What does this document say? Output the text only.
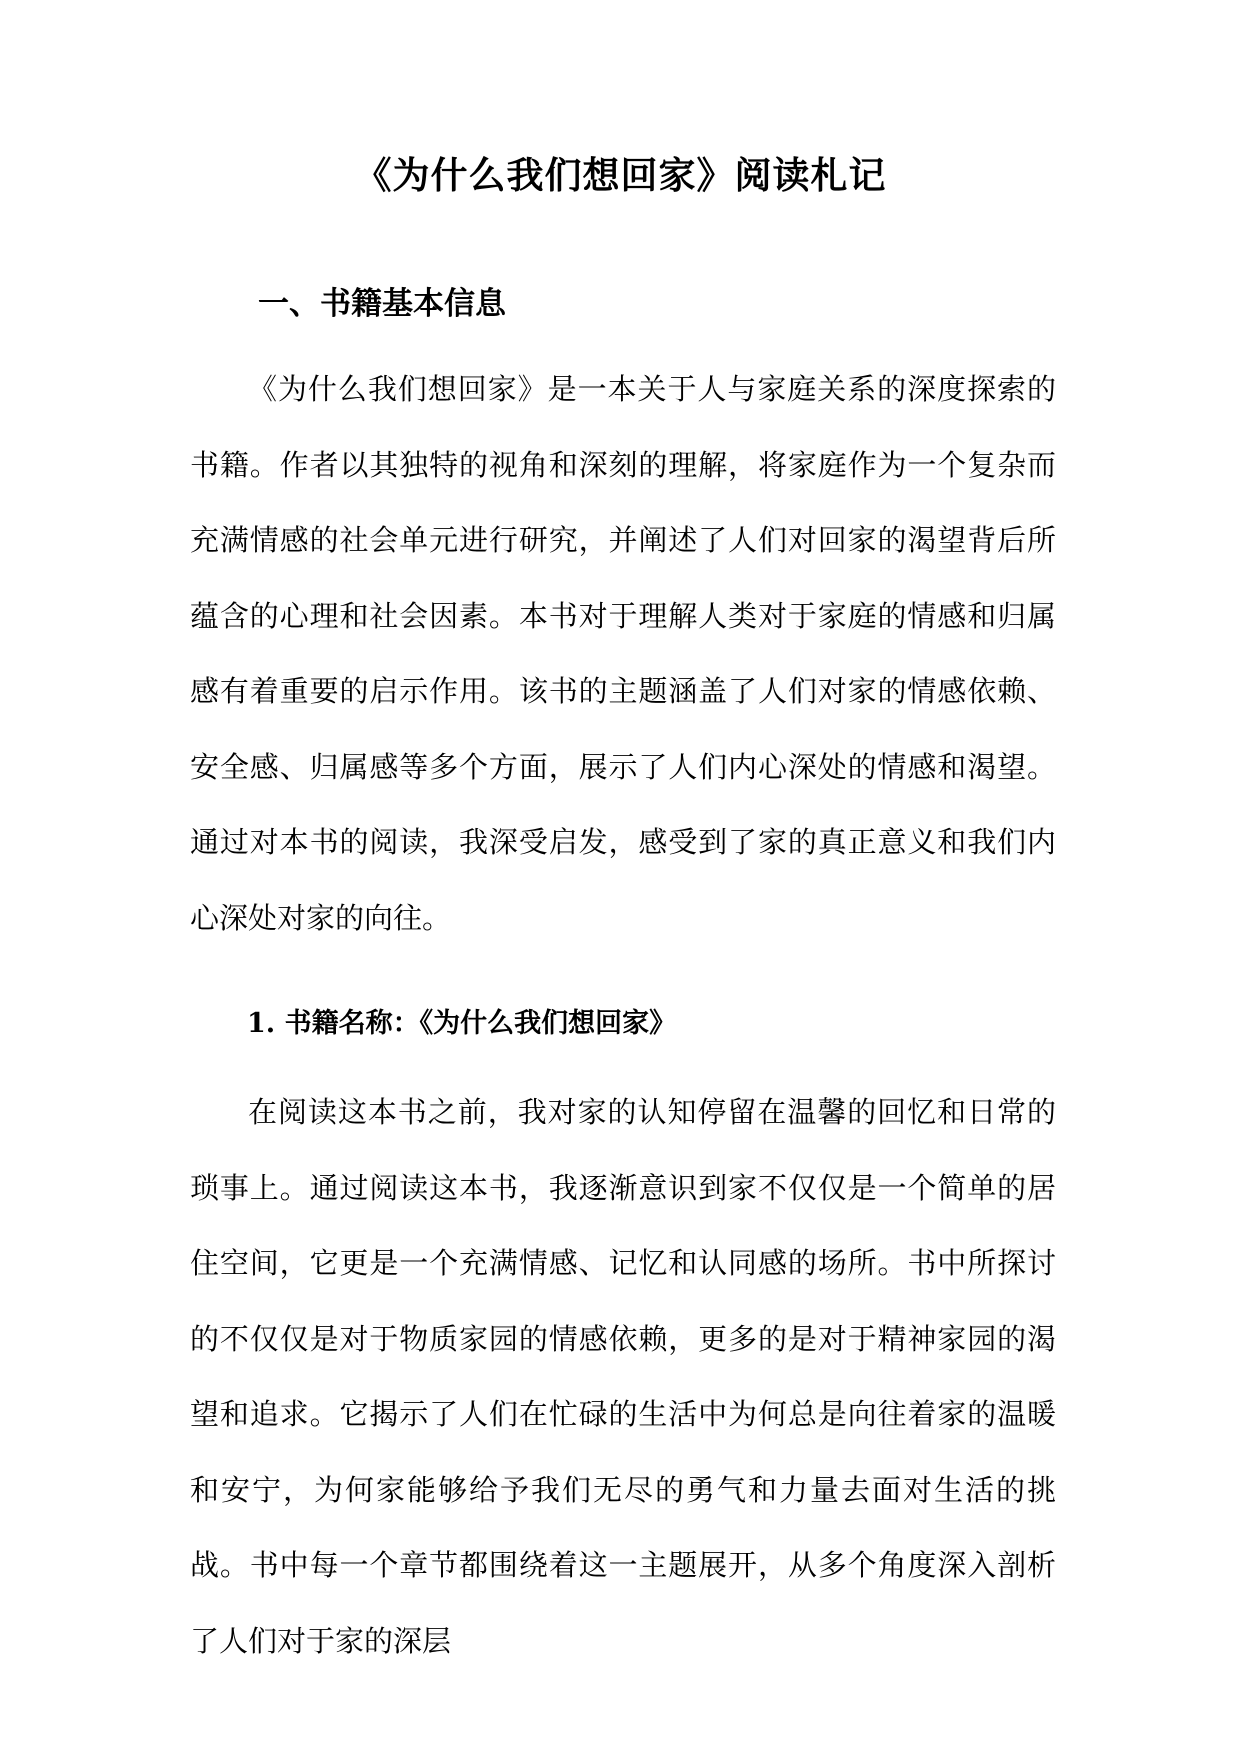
《为什么我们想回家》阅读札记
一、书籍基本信息

《为什么我们想回家》是一本关于人与家庭关系的深度探索的书籍。作者以其独特的视角和深刻的理解，将家庭作为一个复杂而充满情感的社会单元进行研究，并阐述了人们对回家的渴望背后所蕴含的心理和社会因素。本书对于理解人类对于家庭的情感和归属感有着重要的启示作用。该书的主题涵盖了人们对家的情感依赖、安全感、归属感等多个方面，展示了人们内心深处的情感和渴望。通过对本书的阅读，我深受启发，感受到了家的真正意义和我们内心深处对家的向往。

1. 书籍名称：《为什么我们想回家》

在阅读这本书之前，我对家的认知停留在温馨的回忆和日常的琐事上。通过阅读这本书，我逐渐意识到家不仅仅是一个简单的居住空间，它更是一个充满情感、记忆和认同感的场所。书中所探讨的不仅仅是对于物质家园的情感依赖，更多的是对于精神家园的渴望和追求。它揭示了人们在忙碌的生活中为何总是向往着家的温暖和安宁，为何家能够给予我们无尽的勇气和力量去面对生活的挑战。书中每一个章节都围绕着这一主题展开，从多个角度深入剖析了人们对于家的深层
